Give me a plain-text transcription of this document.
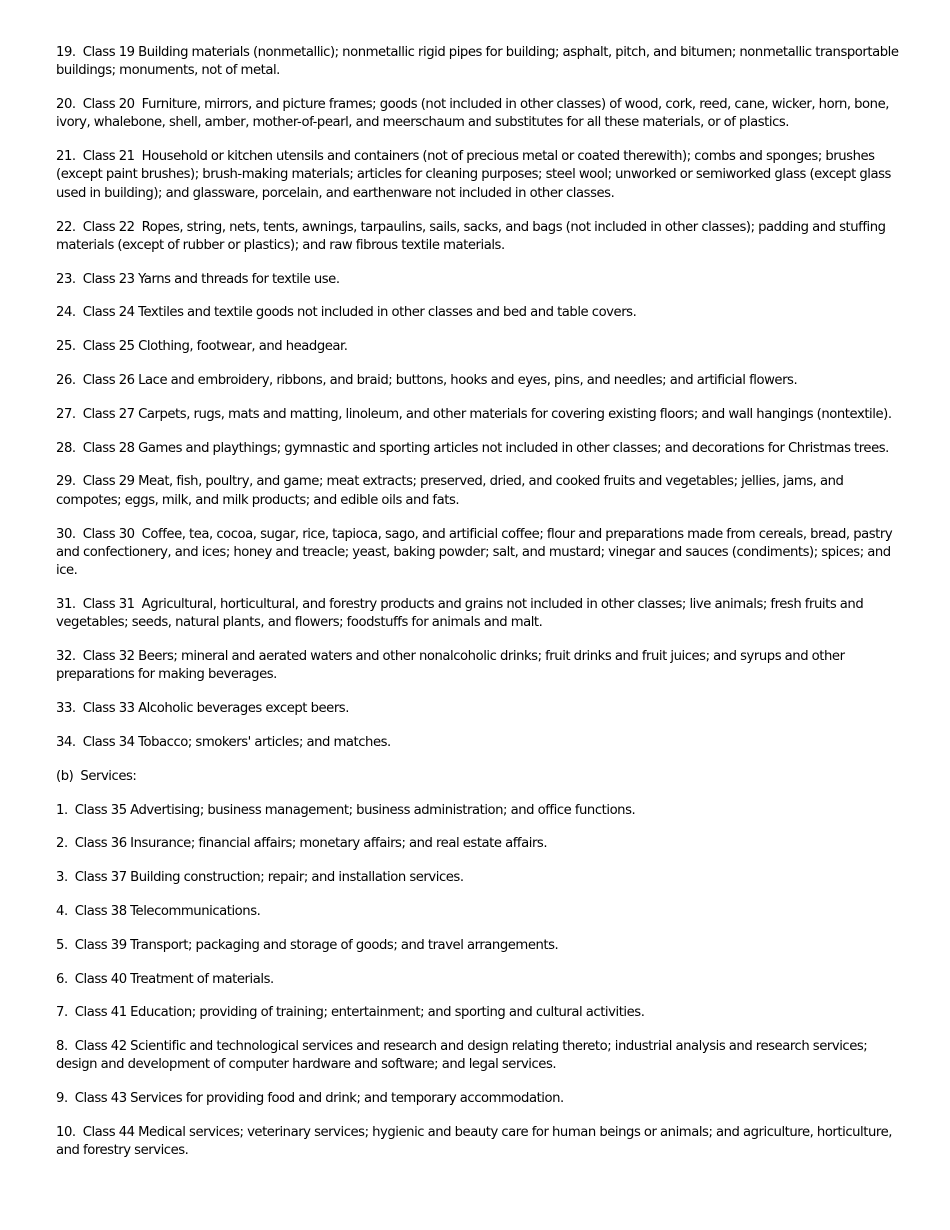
19.  Class 19 Building materials (nonmetallic); nonmetallic rigid pipes for building; asphalt, pitch, and bitumen; nonmetallic transportable buildings; monuments, not of metal.

20.  Class 20  Furniture, mirrors, and picture frames; goods (not included in other classes) of wood, cork, reed, cane, wicker, horn, bone, ivory, whalebone, shell, amber, mother-of-pearl, and meerschaum and substitutes for all these materials, or of plastics.

21.  Class 21  Household or kitchen utensils and containers (not of precious metal or coated therewith); combs and sponges; brushes (except paint brushes); brush-making materials; articles for cleaning purposes; steel wool; unworked or semiworked glass (except glass used in building); and glassware, porcelain, and earthenware not included in other classes.

22.  Class 22  Ropes, string, nets, tents, awnings, tarpaulins, sails, sacks, and bags (not included in other classes); padding and stuffing materials (except of rubber or plastics); and raw fibrous textile materials.

23.  Class 23 Yarns and threads for textile use.

24.  Class 24 Textiles and textile goods not included in other classes and bed and table covers.

25.  Class 25 Clothing, footwear, and headgear.

26.  Class 26 Lace and embroidery, ribbons, and braid; buttons, hooks and eyes, pins, and needles; and artificial flowers.

27.  Class 27 Carpets, rugs, mats and matting, linoleum, and other materials for covering existing floors; and wall hangings (nontextile).

28.  Class 28 Games and playthings; gymnastic and sporting articles not included in other classes; and decorations for Christmas trees.

29.  Class 29 Meat, fish, poultry, and game; meat extracts; preserved, dried, and cooked fruits and vegetables; jellies, jams, and compotes; eggs, milk, and milk products; and edible oils and fats.

30.  Class 30  Coffee, tea, cocoa, sugar, rice, tapioca, sago, and artificial coffee; flour and preparations made from cereals, bread, pastry and confectionery, and ices; honey and treacle; yeast, baking powder; salt, and mustard; vinegar and sauces (condiments); spices; and ice.

31.  Class 31  Agricultural, horticultural, and forestry products and grains not included in other classes; live animals; fresh fruits and vegetables; seeds, natural plants, and flowers; foodstuffs for animals and malt.

32.  Class 32 Beers; mineral and aerated waters and other nonalcoholic drinks; fruit drinks and fruit juices; and syrups and other preparations for making beverages.

33.  Class 33 Alcoholic beverages except beers.

34.  Class 34 Tobacco; smokers' articles; and matches.

(b)  Services:

1.  Class 35 Advertising; business management; business administration; and office functions.

2.  Class 36 Insurance; financial affairs; monetary affairs; and real estate affairs.

3.  Class 37 Building construction; repair; and installation services.

4.  Class 38 Telecommunications.

5.  Class 39 Transport; packaging and storage of goods; and travel arrangements.

6.  Class 40 Treatment of materials.

7.  Class 41 Education; providing of training; entertainment; and sporting and cultural activities.

8.  Class 42 Scientific and technological services and research and design relating thereto; industrial analysis and research services; design and development of computer hardware and software; and legal services.

9.  Class 43 Services for providing food and drink; and temporary accommodation.

10.  Class 44 Medical services; veterinary services; hygienic and beauty care for human beings or animals; and agriculture, horticulture, and forestry services.
